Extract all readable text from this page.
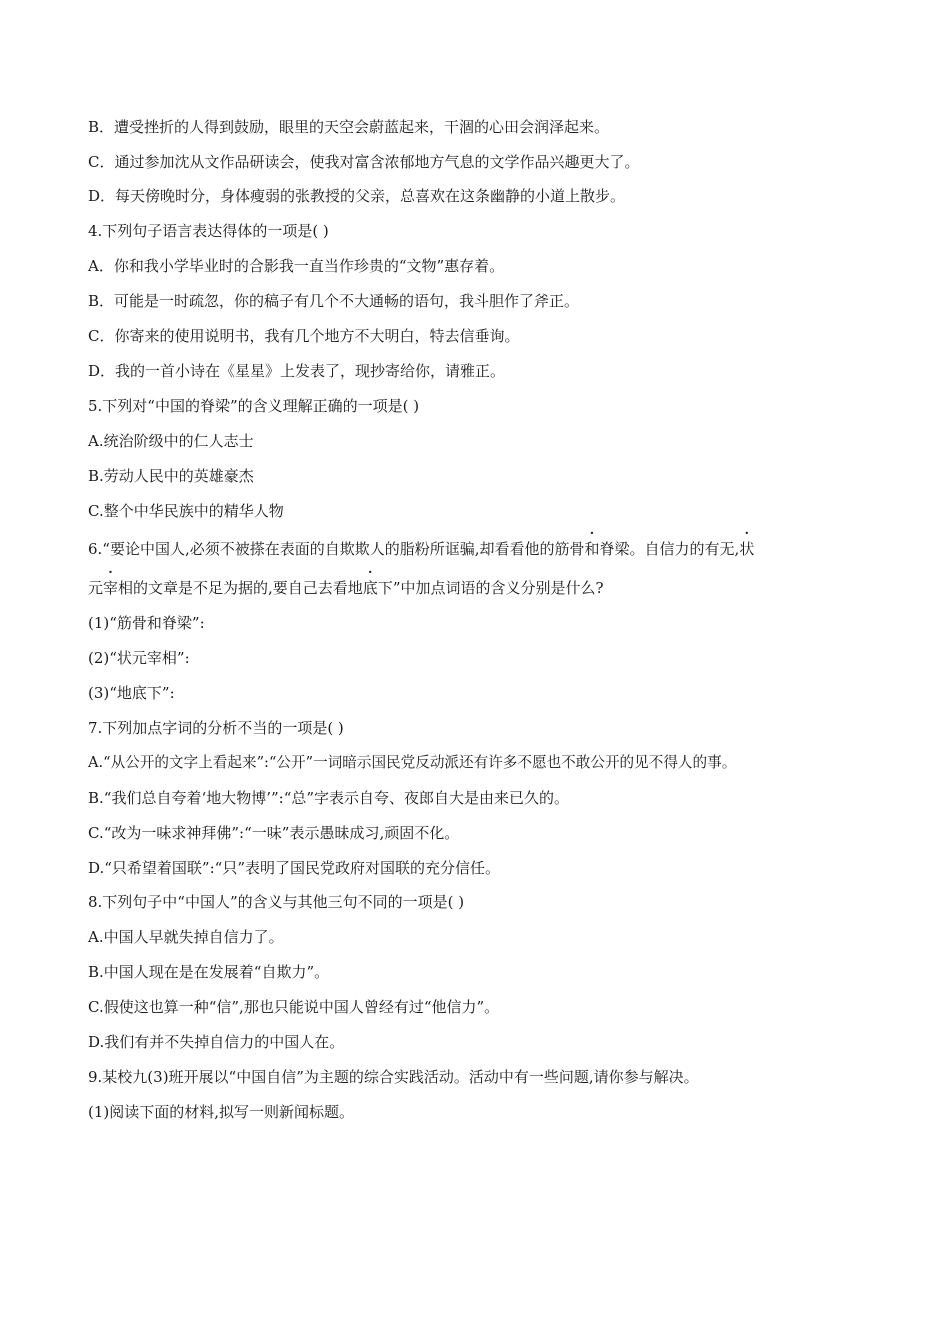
B．遭受挫折的人得到鼓励，眼里的天空会蔚蓝起来，干涸的心田会润泽起来。
C．通过参加沈从文作品研读会，使我对富含浓郁地方气息的文学作品兴趣更大了。
D．每天傍晚时分，身体瘦弱的张教授的父亲，总喜欢在这条幽静的小道上散步。
4.下列句子语言表达得体的一项是( )
A．你和我小学毕业时的合影我一直当作珍贵的“文物”惠存着。
B．可能是一时疏忽，你的稿子有几个不大通畅的语句，我斗胆作了斧正。
C．你寄来的使用说明书，我有几个地方不大明白，特去信垂询。
D．我的一首小诗在《星星》上发表了，现抄寄给你，请雅正。
5.下列对“中国的脊梁”的含义理解正确的一项是( )
A.统治阶级中的仁人志士
B.劳动人民中的英雄豪杰
C.整个中华民族中的精华人物
6.“要论中国人,必须不被搽在表面的自欺欺人的脂粉所诓骗,却看看他的· 筋骨和脊梁。自信力的有无,状
元宰相的文章是不足为据的,要自己去看地底下”中加点词语的含义分别是什么?
(1)“筋骨和脊梁”:
(2)“状元宰相”:
(3)“地底下”:
7.下列加点字词的分析不当的一项是( )
A.“从公开的文字上看起来”:“公开”一词暗示国民党反动派还有许多不愿也不敢公开的见不得人的事。
B.“我们总自夸着‘地大物博’”:“总”字表示自夸、夜郎自大是由来已久的。
C.“改为一味求神拜佛”:“一味”表示愚昧成习,顽固不化。
D.“只希望着国联”:“只”表明了国民党政府对国联的充分信任。
8.下列句子中“中国人”的含义与其他三句不同的一项是( )
A.中国人早就失掉自信力了。
B.中国人现在是在发展着“自欺力”。
C.假使这也算一种“信”,那也只能说中国人曾经有过“他信力”。
D.我们有并不失掉自信力的中国人在。
9.某校九(3)班开展以“中国自信”为主题的综合实践活动。活动中有一些问题,请你参与解决。
(1)阅读下面的材料,拟写一则新闻标题。
